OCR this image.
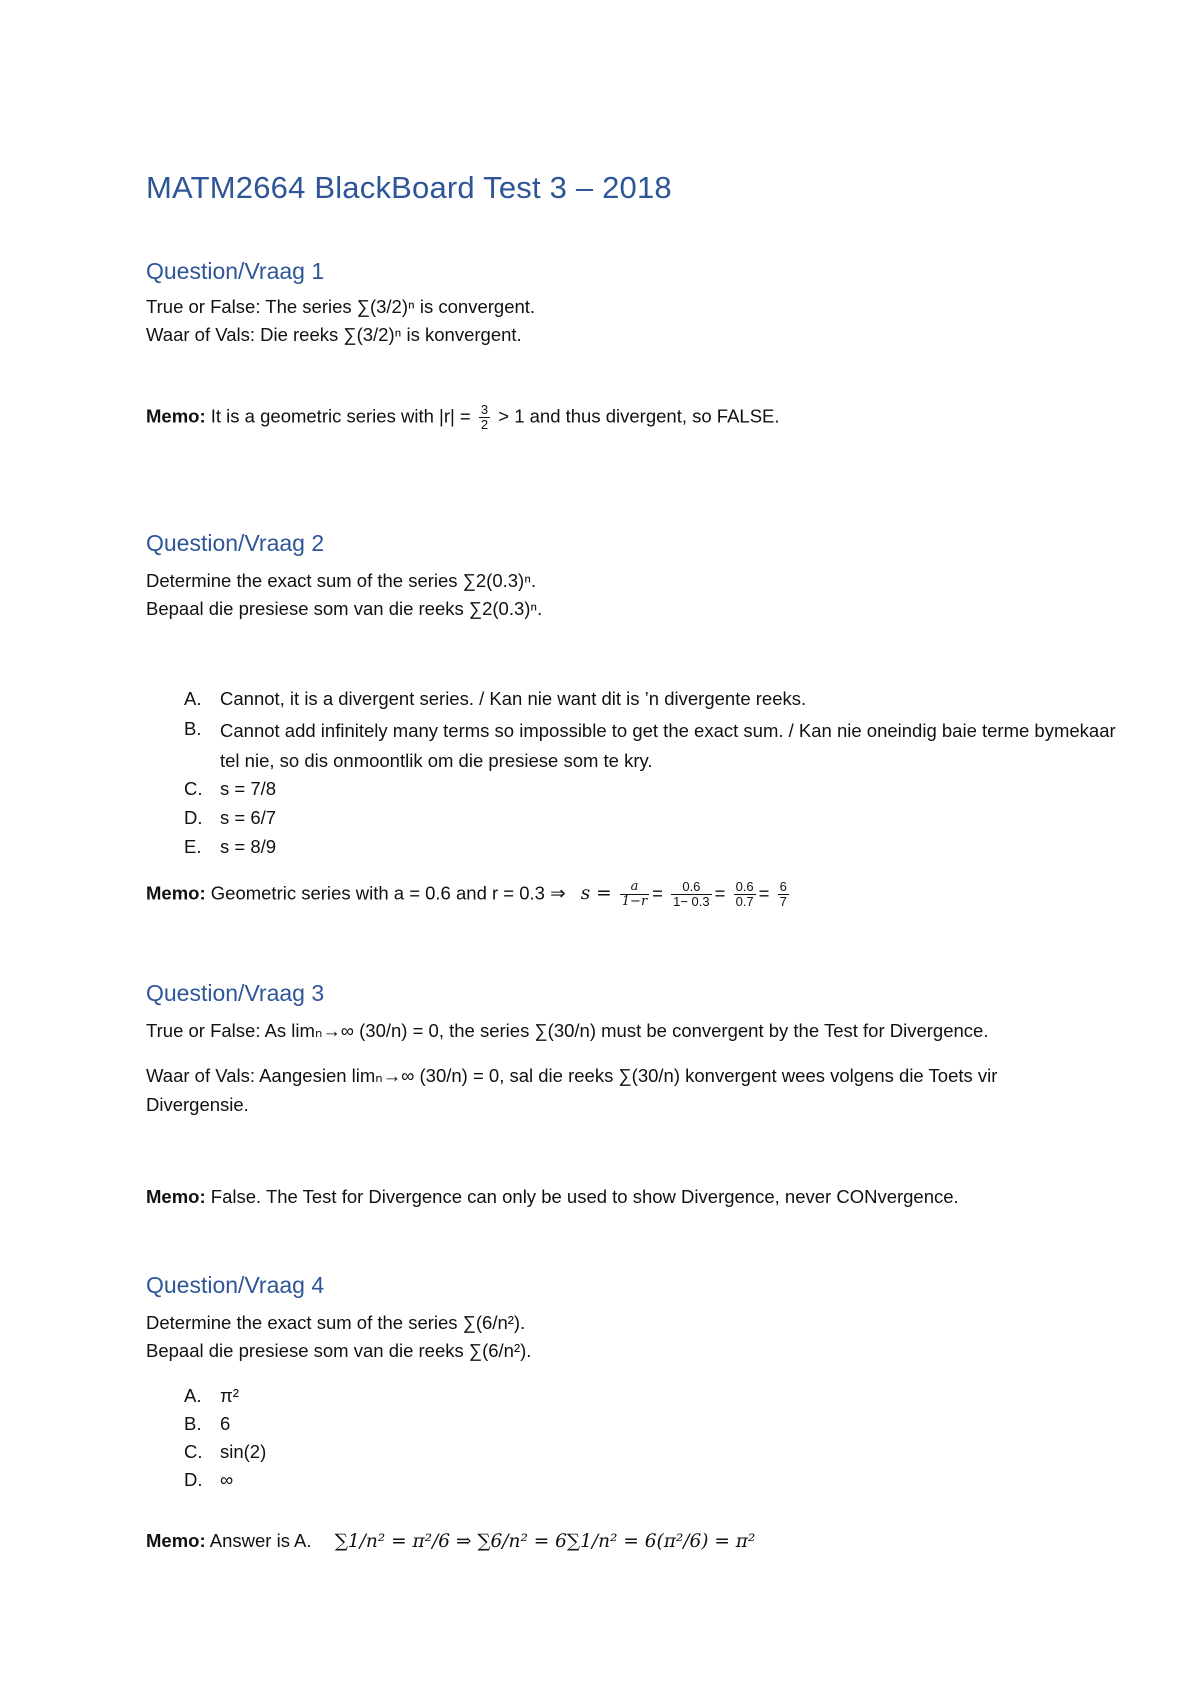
MATM2664 BlackBoard Test 3 – 2018
Question/Vraag 1
True or False: The series ∑(3/2)ⁿ is convergent.
Waar of Vals: Die reeks ∑(3/2)ⁿ is konvergent.
Memo: It is a geometric series with $|r| = \frac{3}{2} > 1$ and thus divergent, so FALSE.
Question/Vraag 2
Determine the exact sum of the series ∑2(0.3)ⁿ.
Bepaal die presiese som van die reeks ∑2(0.3)ⁿ.
A. Cannot, it is a divergent series. / Kan nie want dit is ’n divergente reeks.
B. Cannot add infinitely many terms so impossible to get the exact sum. / Kan nie oneindig baie terme bymekaar tel nie, so dis onmoontlik om die presiese som te kry.
C. s = 7/8
D. s = 6/7
E. s = 8/9
Memo: Geometric series with a = 0.6 and r = 0.3 ⇒ $s = \frac{a}{1-r} = \frac{0.6}{1- 0.3} = \frac{0.6}{0.7} = \frac{6}{7}$
Question/Vraag 3
True or False: As limₙ→∞ (30/n) = 0, the series ∑(30/n) must be convergent by the Test for Divergence.
Waar of Vals: Aangesien limₙ→∞ (30/n) = 0, sal die reeks ∑(30/n) konvergent wees volgens die Toets vir
Divergensie.
Memo: False. The Test for Divergence can only be used to show Divergence, never CONvergence.
Question/Vraag 4
Determine the exact sum of the series ∑(6/n²).
Bepaal die presiese som van die reeks ∑(6/n²).
A. π²
B. 6
C. sin(2)
D. ∞
Memo: Answer is A. ∑1/n² = π²/6 ⇒ ∑6/n² = 6∑1/n² = 6(π²/6) = π²
